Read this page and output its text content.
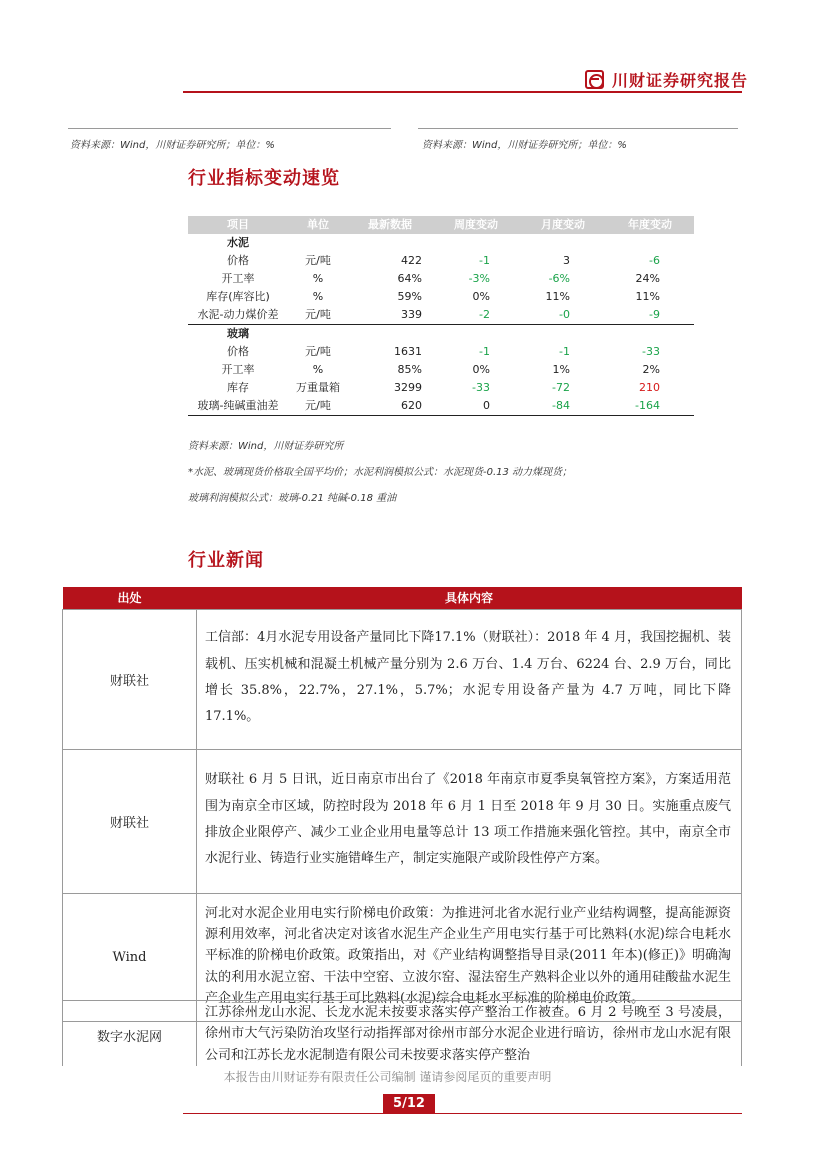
川财证券研究报告
资料来源：Wind，川财证券研究所；单位：%	资料来源：Wind，川财证券研究所；单位：%
行业指标变动速览
项目	单位	最新数据	周度变动	月度变动	年度变动
水泥					
价格	元/吨	422	-1	3	-6
开工率	%	64%	-3%	-6%	24%
库存(库容比)	%	59%	0%	11%	11%
水泥-动力煤价差	元/吨	339	-2	-0	-9
玻璃					
价格	元/吨	1631	-1	-1	-33
开工率	%	85%	0%	1%	2%
库存	万重量箱	3299	-33	-72	210
玻璃-纯碱重油差	元/吨	620	0	-84	-164
资料来源：Wind，川财证券研究所
*水泥、玻璃现货价格取全国平均价；水泥利润模拟公式：水泥现货-0.13 动力煤现货；
玻璃利润模拟公式：玻璃-0.21 纯碱-0.18 重油
行业新闻
出处	具体内容
财联社	工信部：4月水泥专用设备产量同比下降17.1%（财联社）：2018 年 4 月，我国挖掘机、装载机、压实机械和混凝土机械产量分别为 2.6 万台、1.4 万台、6224 台、2.9 万台，同比增长 35.8%，22.7%，27.1%，5.7%；水泥专用设备产量为 4.7 万吨，同比下降 17.1%。
财联社	财联社 6 月 5 日讯，近日南京市出台了《2018 年南京市夏季臭氧管控方案》，方案适用范围为南京全市区域，防控时段为 2018 年 6 月 1 日至 2018 年 9 月 30 日。实施重点废气排放企业限停产、减少工业企业用电量等总计 13 项工作措施来强化管控。其中，南京全市水泥行业、铸造行业实施错峰生产，制定实施限产或阶段性停产方案。
Wind	河北对水泥企业用电实行阶梯电价政策：为推进河北省水泥行业产业结构调整，提高能源资源利用效率，河北省决定对该省水泥生产企业生产用电实行基于可比熟料(水泥)综合电耗水平标准的阶梯电价政策。政策指出，对《产业结构调整指导目录(2011 年本)(修正)》明确淘汰的利用水泥立窑、干法中空窑、立波尔窑、湿法窑生产熟料企业以外的通用硅酸盐水泥生产企业生产用电实行基于可比熟料(水泥)综合电耗水平标准的阶梯电价政策。
数字水泥网	江苏徐州龙山水泥、长龙水泥未按要求落实停产整治工作被查。6 月 2 号晚至 3 号凌晨，徐州市大气污染防治攻坚行动指挥部对徐州市部分水泥企业进行暗访，徐州市龙山水泥有限公司和江苏长龙水泥制造有限公司未按要求落实停产整治
本报告由川财证券有限责任公司编制 谨请参阅尾页的重要声明
5/12
